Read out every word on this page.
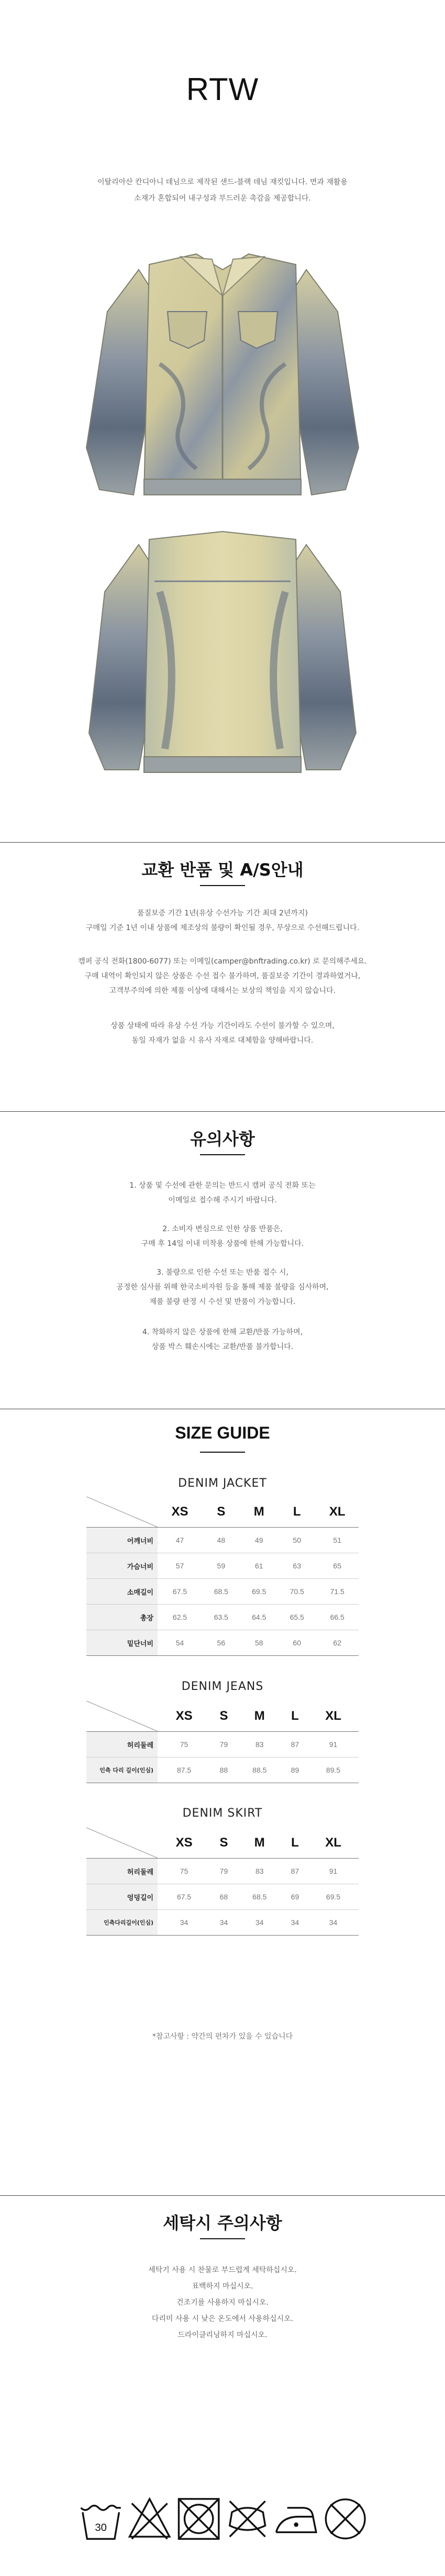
RTW
이탈리아산 칸디아니 데님으로 제작된 샌드-블랙 데님 재킷입니다. 면과 재활용
소재가 혼합되어 내구성과 부드러운 촉감을 제공합니다.
교환 반품 및 A/S안내
품질보증 기간 1년(유상 수선가능 기간 최대 2년까지)
구매일 기준 1년 이내 상품에 제조상의 불량이 확인될 경우, 무상으로 수선해드립니다.
캠퍼 공식 전화(1800-6077) 또는 이메일(camper@bnftrading.co.kr) 로 문의해주세요.
구매 내역이 확인되지 않은 상품은 수선 접수 불가하며, 품질보증 기간이 경과하였거나,
고객부주의에 의한 제품 이상에 대해서는 보상의 책임을 지지 않습니다.
상품 상태에 따라 유상 수선 가능 기간이라도 수선이 불가할 수 있으며,
동일 자재가 없을 시 유사 자재로 대체함을 양해바랍니다.
유의사항
1. 상품 및 수선에 관한 문의는 반드시 캠퍼 공식 전화 또는
이메일로 접수해 주시기 바랍니다.
2. 소비자 변심으로 인한 상품 반품은,
구매 후 14일 이내 미착용 상품에 한해 가능합니다.
3. 불량으로 인한 수선 또는 반품 접수 시,
공정한 심사를 위해 한국소비자원 등을 통해 제품 불량을 심사하며,
제품 불량 판정 시 수선 및 반품이 가능합니다.
4. 착화하지 않은 상품에 한해 교환/반품 가능하며,
상품 박스 훼손시에는 교환/반품 불가합니다.
SIZE GUIDE
DENIM JACKET
	XS	S	M	L	XL
어깨너비	47	48	49	50	51
가슴너비	57	59	61	63	65
소매길이	67.5	68.5	69.5	70.5	71.5
총장	62.5	63.5	64.5	65.5	66.5
밑단너비	54	56	58	60	62
DENIM JEANS
	XS	S	M	L	XL
허리둘레	75	79	83	87	91
인측 다리 길이(인심)	87.5	88	88.5	89	89.5
DENIM SKIRT
	XS	S	M	L	XL
허리둘레	75	79	83	87	91
엉덩길이	67.5	68	68.5	69	69.5
인측다리길이(인심)	34	34	34	34	34
*참고사항 : 약간의 편차가 있을 수 있습니다
세탁시 주의사항
세탁기 사용 시 찬물로 부드럽게 세탁하십시오.
표백하지 마십시오.
건조기를 사용하지 마십시오.
다리미 사용 시 낮은 온도에서 사용하십시오.
드라이클리닝하지 마십시오.
30
